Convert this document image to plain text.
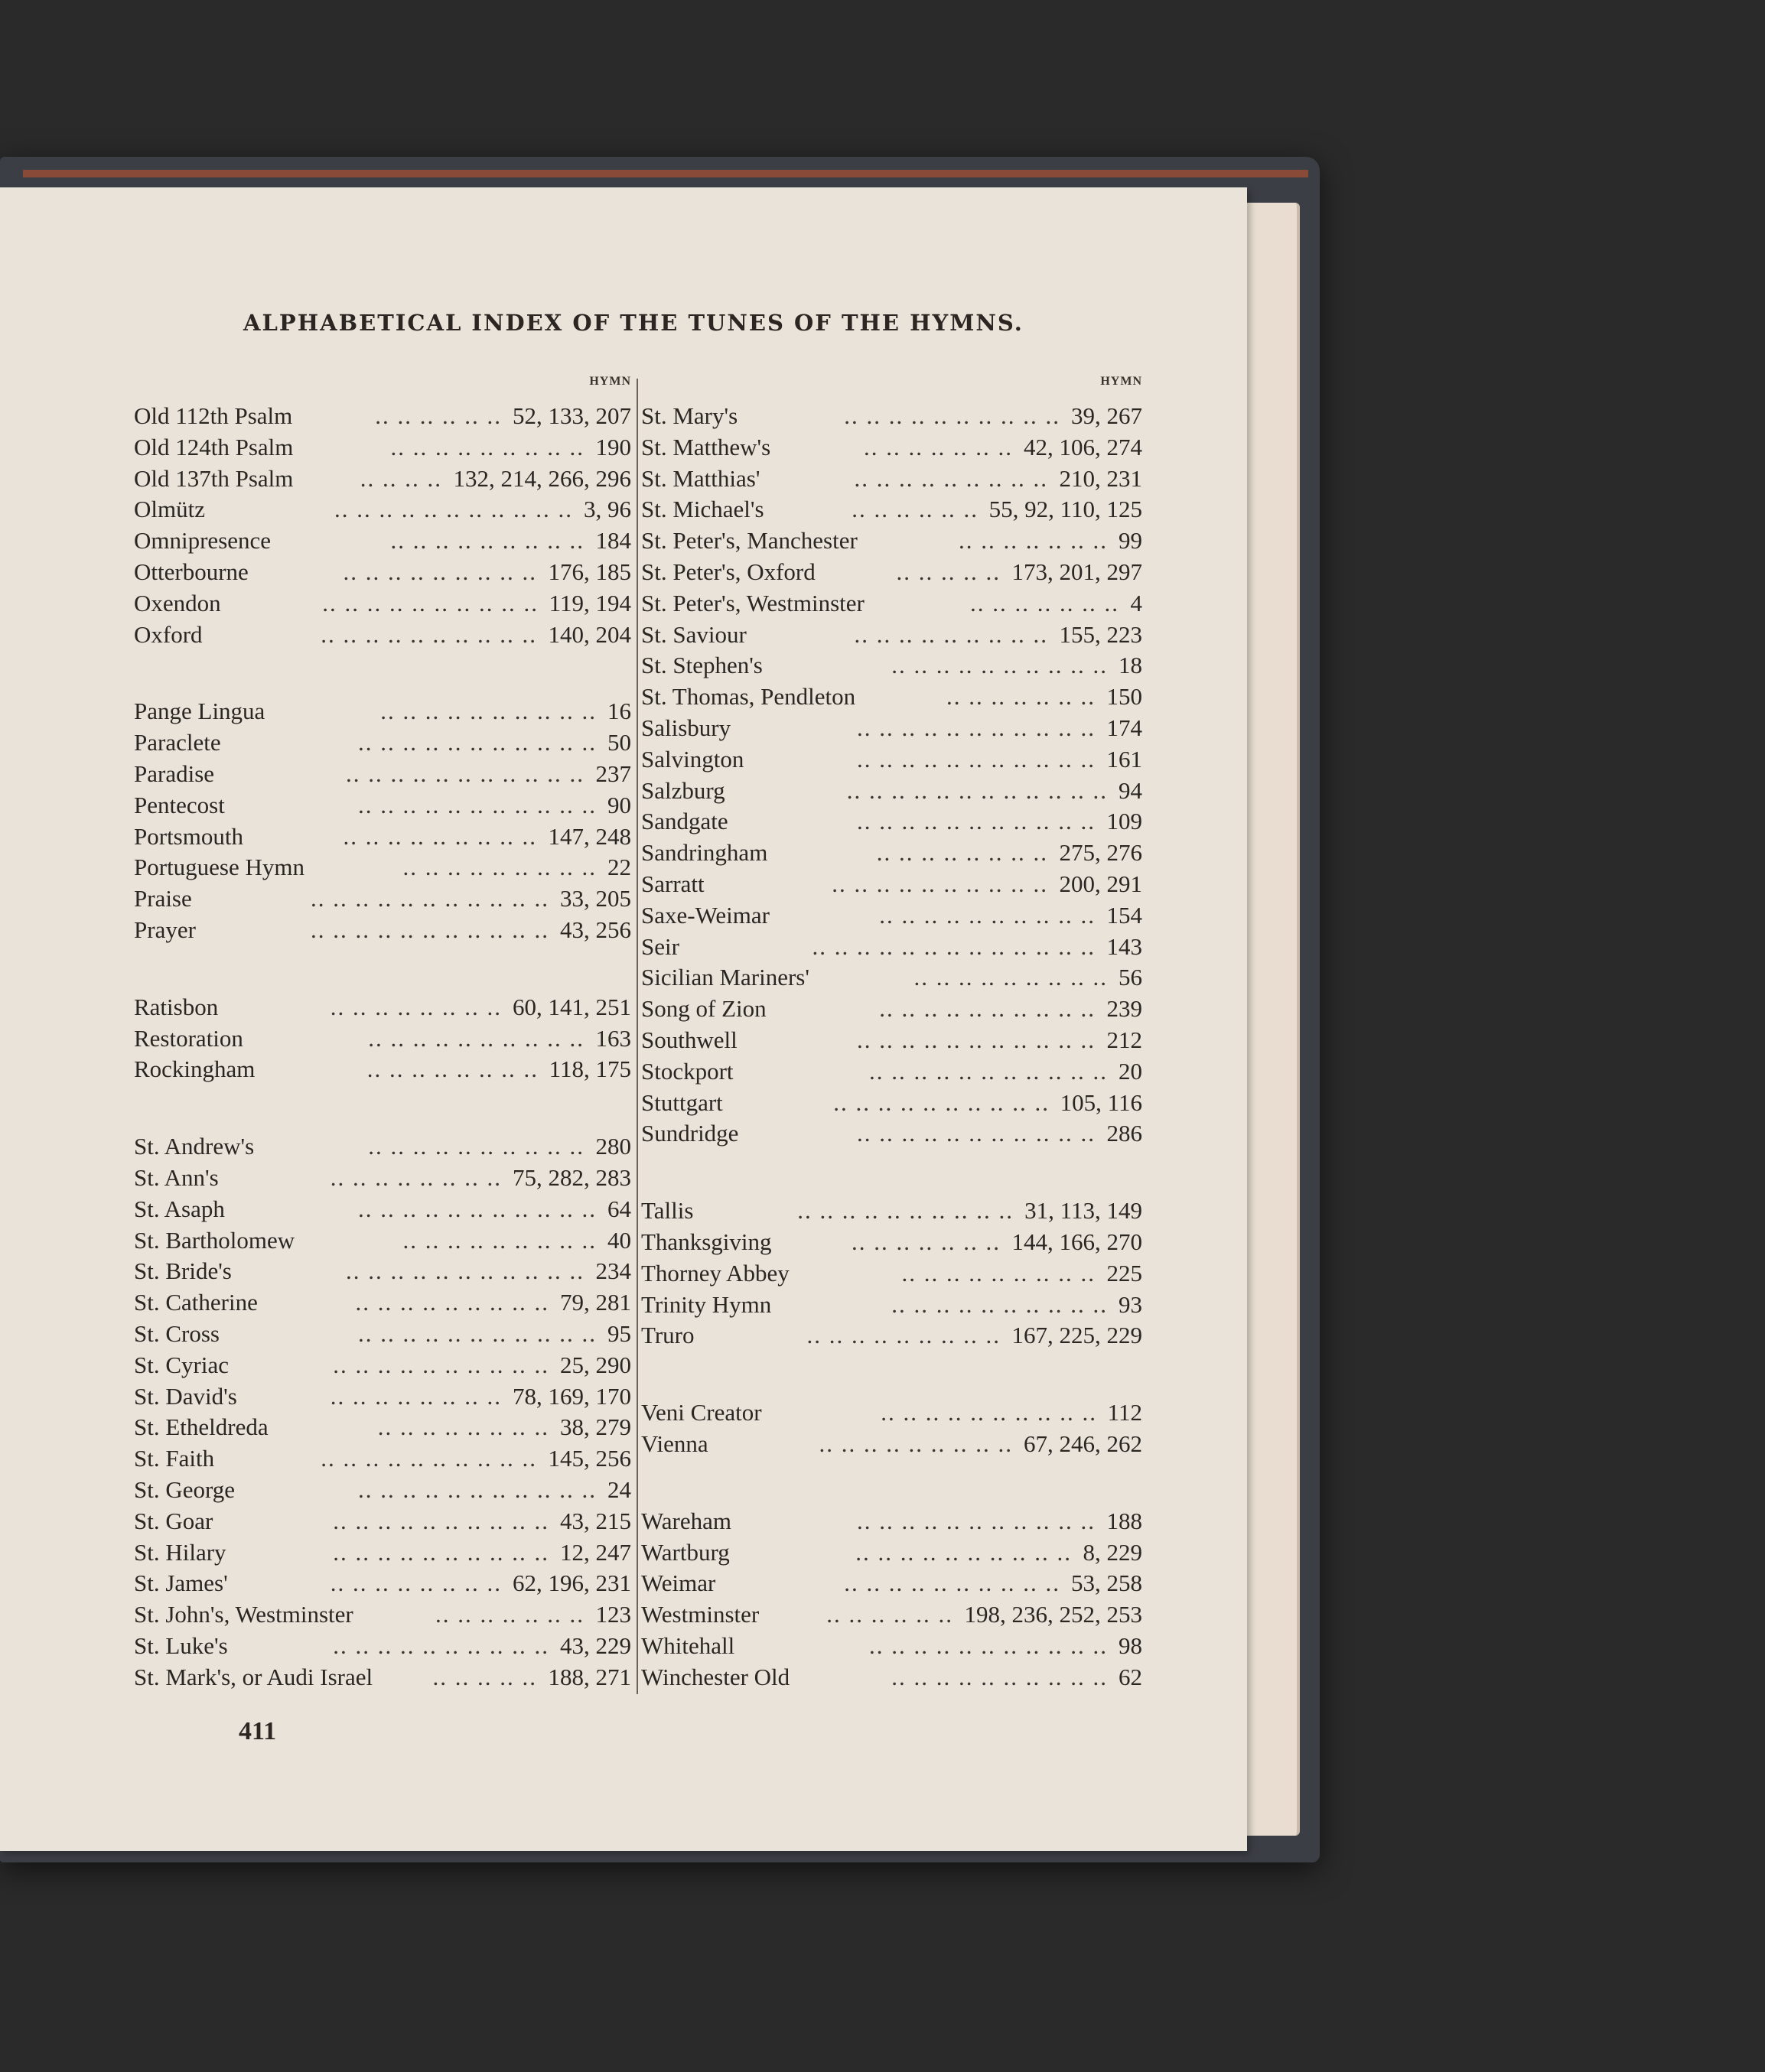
ALPHABETICAL INDEX OF THE TUNES OF THE HYMNS.
HYMN
Old 112th Psalm	52, 133, 207
.. .. .. .. .. ..
Old 124th Psalm	190
.. .. .. .. .. .. .. .. ..
Old 137th Psalm	132, 214, 266, 296
.. .. .. ..
Olmütz	3, 96
.. .. .. .. .. .. .. .. .. .. ..
Omnipresence	184
.. .. .. .. .. .. .. .. ..
Otterbourne	176, 185
.. .. .. .. .. .. .. .. ..
Oxendon	119, 194
.. .. .. .. .. .. .. .. .. ..
Oxford	140, 204
.. .. .. .. .. .. .. .. .. ..
Pange Lingua	16
.. .. .. .. .. .. .. .. .. ..
Paraclete	50
.. .. .. .. .. .. .. .. .. .. ..
Paradise	237
.. .. .. .. .. .. .. .. .. .. ..
Pentecost	90
.. .. .. .. .. .. .. .. .. .. ..
Portsmouth	147, 248
.. .. .. .. .. .. .. .. ..
Portuguese Hymn	22
.. .. .. .. .. .. .. .. ..
Praise	33, 205
.. .. .. .. .. .. .. .. .. .. ..
Prayer	43, 256
.. .. .. .. .. .. .. .. .. .. ..
Ratisbon	60, 141, 251
.. .. .. .. .. .. .. ..
Restoration	163
.. .. .. .. .. .. .. .. .. ..
Rockingham	118, 175
.. .. .. .. .. .. .. ..
St. Andrew's	280
.. .. .. .. .. .. .. .. .. ..
St. Ann's	75, 282, 283
.. .. .. .. .. .. .. ..
St. Asaph	64
.. .. .. .. .. .. .. .. .. .. ..
St. Bartholomew	40
.. .. .. .. .. .. .. .. ..
St. Bride's	234
.. .. .. .. .. .. .. .. .. .. ..
St. Catherine	79, 281
.. .. .. .. .. .. .. .. ..
St. Cross	95
.. .. .. .. .. .. .. .. .. .. ..
St. Cyriac	25, 290
.. .. .. .. .. .. .. .. .. ..
St. David's	78, 169, 170
.. .. .. .. .. .. .. ..
St. Etheldreda	38, 279
.. .. .. .. .. .. .. ..
St. Faith	145, 256
.. .. .. .. .. .. .. .. .. ..
St. George	24
.. .. .. .. .. .. .. .. .. .. ..
St. Goar	43, 215
.. .. .. .. .. .. .. .. .. ..
St. Hilary	12, 247
.. .. .. .. .. .. .. .. .. ..
St. James'	62, 196, 231
.. .. .. .. .. .. .. ..
St. John's, Westminster	123
.. .. .. .. .. .. ..
St. Luke's	43, 229
.. .. .. .. .. .. .. .. .. ..
St. Mark's, or Audi Israel	188, 271
.. .. .. .. ..
HYMN
St. Mary's	39, 267
.. .. .. .. .. .. .. .. .. ..
St. Matthew's	42, 106, 274
.. .. .. .. .. .. ..
St. Matthias'	210, 231
.. .. .. .. .. .. .. .. ..
St. Michael's	55, 92, 110, 125
.. .. .. .. .. ..
St. Peter's, Manchester	99
.. .. .. .. .. .. ..
St. Peter's, Oxford	173, 201, 297
.. .. .. .. ..
St. Peter's, Westminster	4
.. .. .. .. .. .. ..
St. Saviour	155, 223
.. .. .. .. .. .. .. .. ..
St. Stephen's	18
.. .. .. .. .. .. .. .. .. ..
St. Thomas, Pendleton	150
.. .. .. .. .. .. ..
Salisbury	174
.. .. .. .. .. .. .. .. .. .. ..
Salvington	161
.. .. .. .. .. .. .. .. .. .. ..
Salzburg	94
.. .. .. .. .. .. .. .. .. .. .. ..
Sandgate	109
.. .. .. .. .. .. .. .. .. .. ..
Sandringham	275, 276
.. .. .. .. .. .. .. ..
Sarratt	200, 291
.. .. .. .. .. .. .. .. .. ..
Saxe-Weimar	154
.. .. .. .. .. .. .. .. .. ..
Seir	143
.. .. .. .. .. .. .. .. .. .. .. .. ..
Sicilian Mariners'	56
.. .. .. .. .. .. .. .. ..
Song of Zion	239
.. .. .. .. .. .. .. .. .. ..
Southwell	212
.. .. .. .. .. .. .. .. .. .. ..
Stockport	20
.. .. .. .. .. .. .. .. .. .. ..
Stuttgart	105, 116
.. .. .. .. .. .. .. .. .. ..
Sundridge	286
.. .. .. .. .. .. .. .. .. .. ..
Tallis	31, 113, 149
.. .. .. .. .. .. .. .. .. ..
Thanksgiving	144, 166, 270
.. .. .. .. .. .. ..
Thorney Abbey	225
.. .. .. .. .. .. .. .. ..
Trinity Hymn	93
.. .. .. .. .. .. .. .. .. ..
Truro	167, 225, 229
.. .. .. .. .. .. .. .. ..
Veni Creator	112
.. .. .. .. .. .. .. .. .. ..
Vienna	67, 246, 262
.. .. .. .. .. .. .. .. ..
Wareham	188
.. .. .. .. .. .. .. .. .. .. ..
Wartburg	8, 229
.. .. .. .. .. .. .. .. .. ..
Weimar	53, 258
.. .. .. .. .. .. .. .. .. ..
Westminster	198, 236, 252, 253
.. .. .. .. .. ..
Whitehall	98
.. .. .. .. .. .. .. .. .. .. ..
Winchester Old	62
.. .. .. .. .. .. .. .. .. ..
411
